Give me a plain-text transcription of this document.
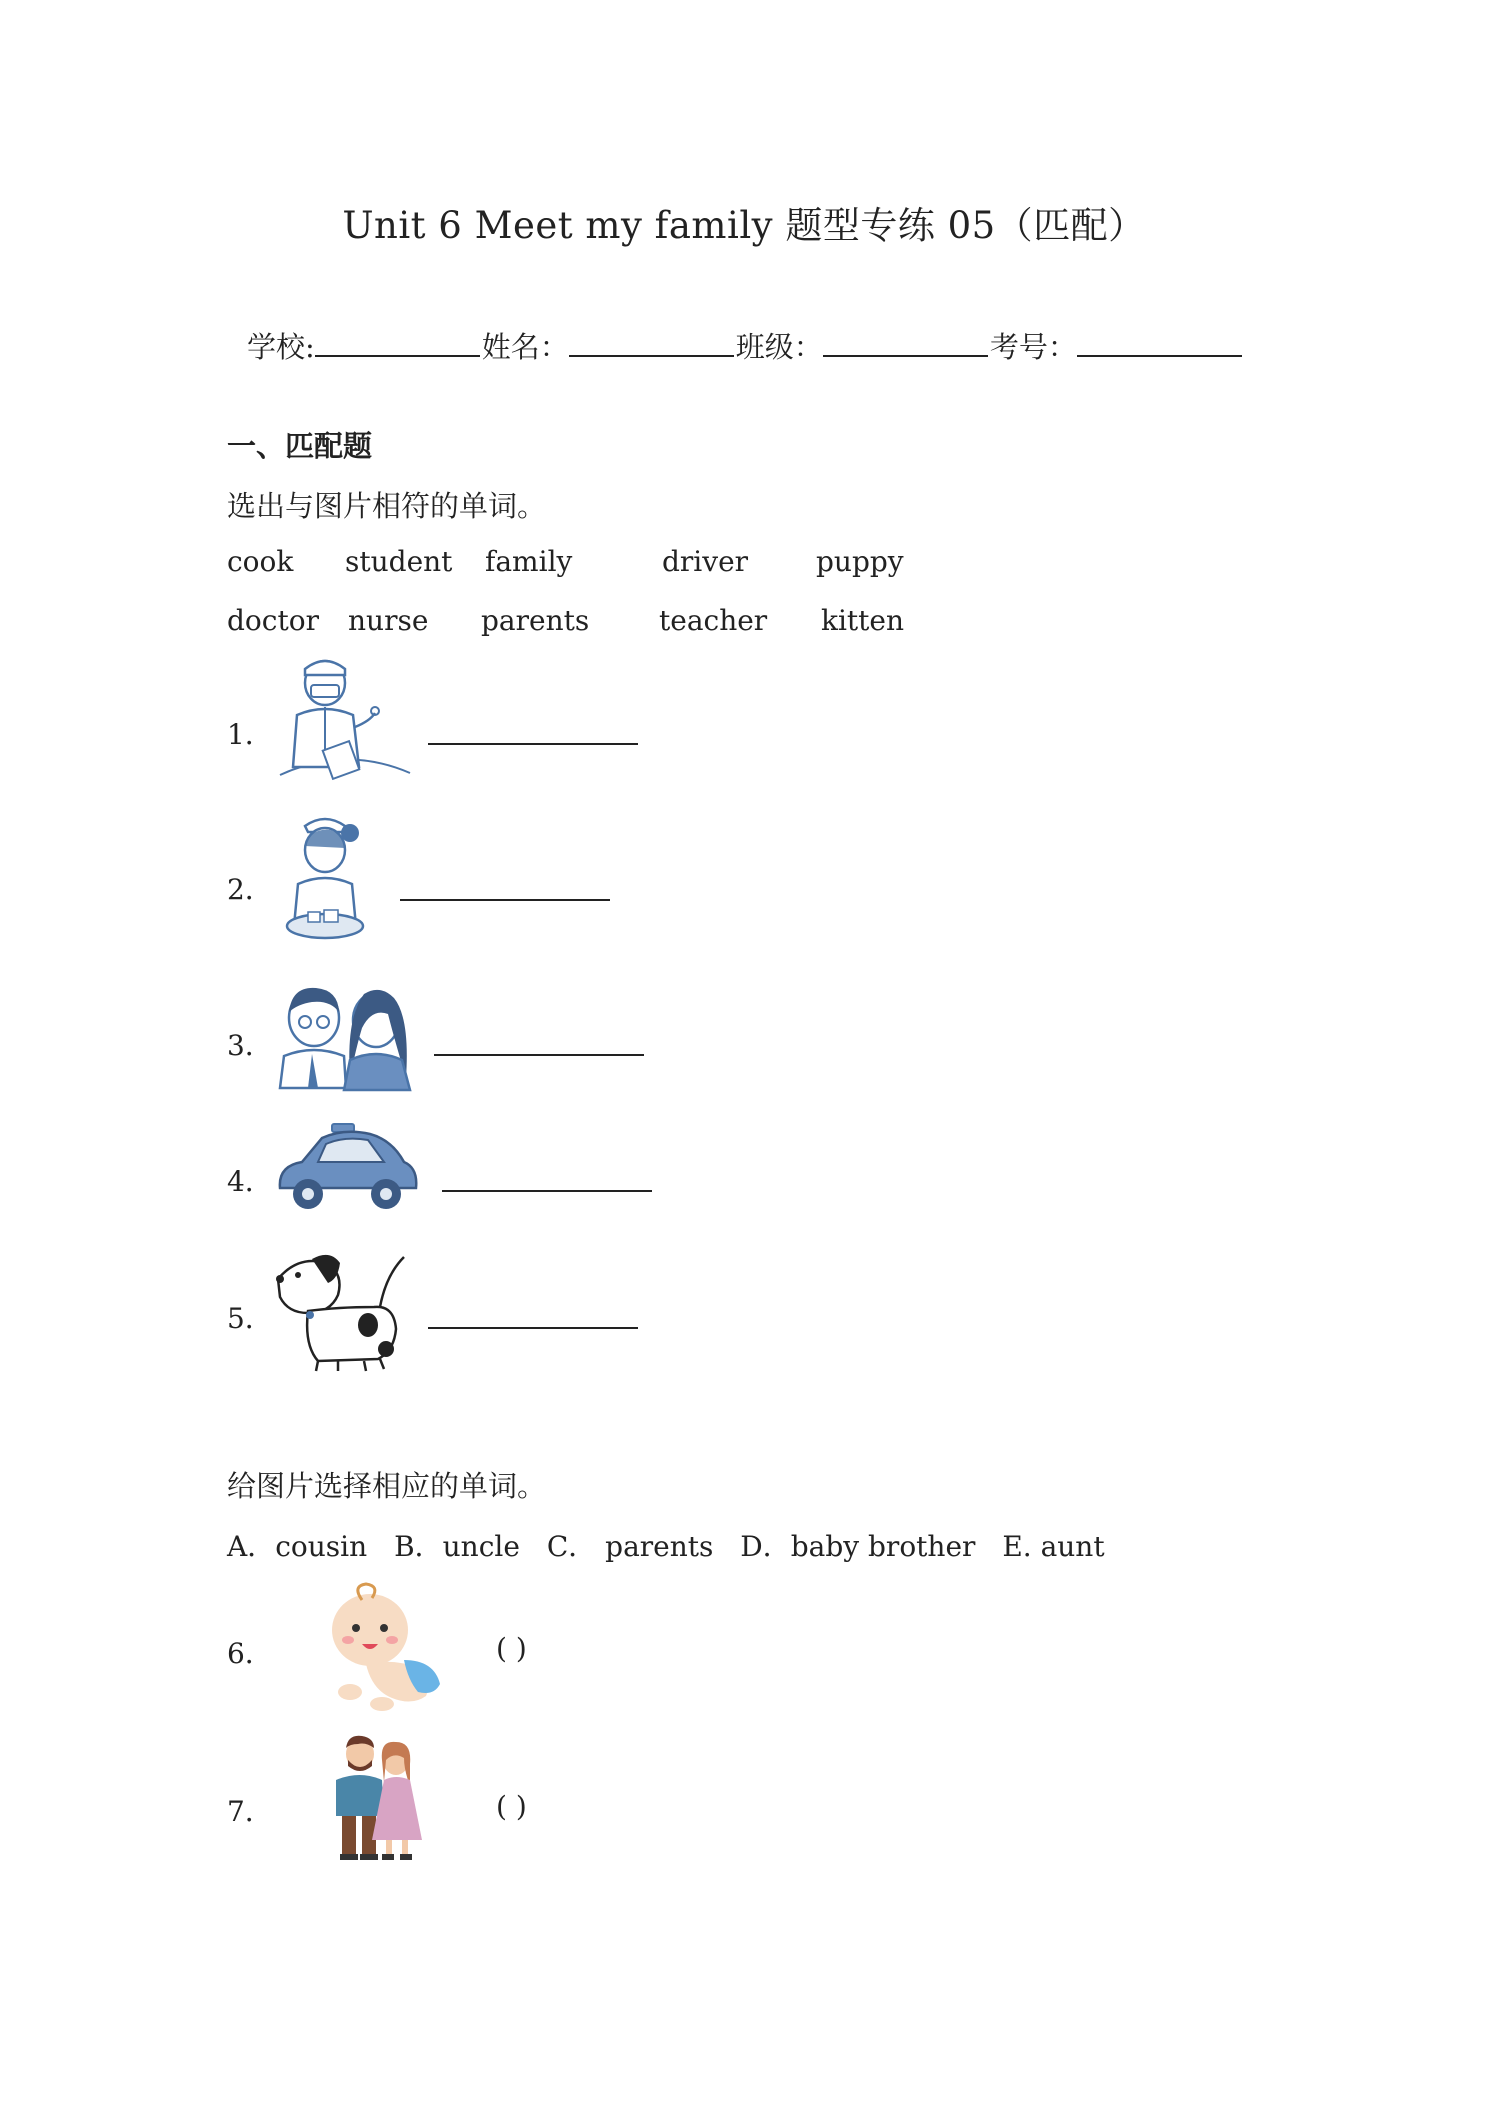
Unit 6 Meet my family 题型专练 05（匹配）
学校:	姓名：	班级：	考号：
一、匹配题
选出与图片相符的单词。
cook student family	driver puppy
doctor nurse parents teacher kitten
1．
2．
3．
4．
5．
给图片选择相应的单词。
A．cousin B．uncle C． parents D．baby brother E. aunt
6．	( )
7．	( )
